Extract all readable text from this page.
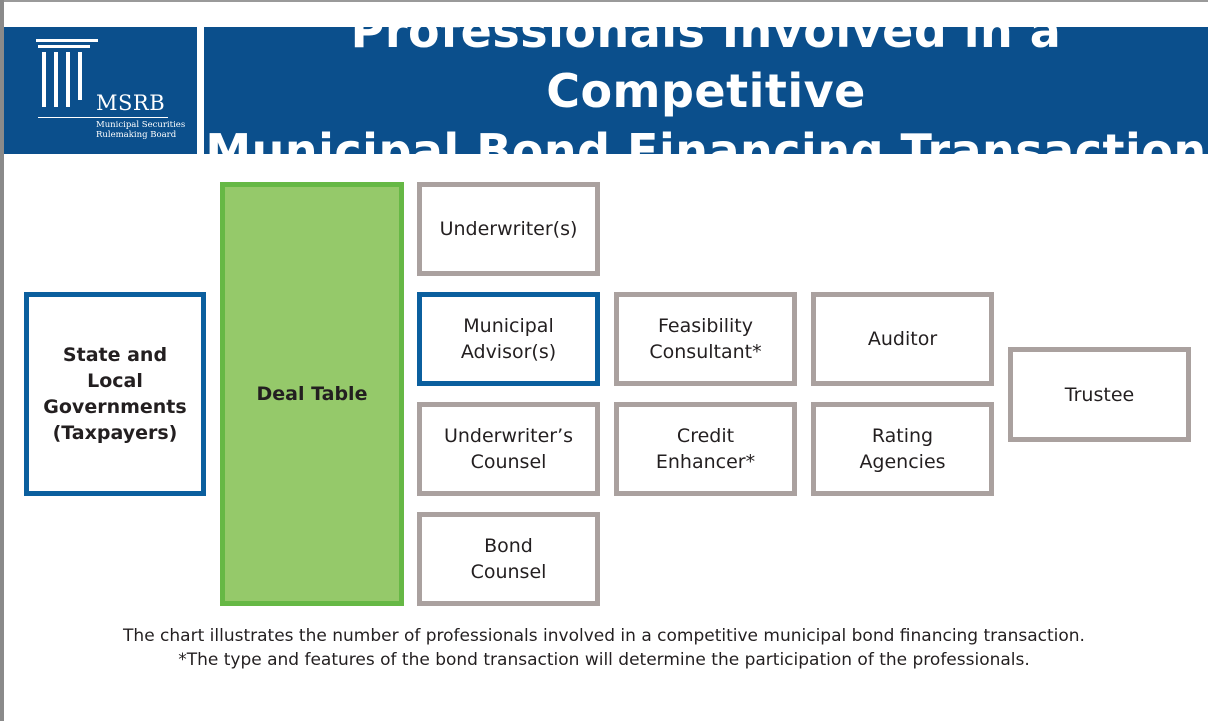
MSRB
Municipal Securities
Rulemaking Board
Professionals Involved in a Competitive
Municipal Bond Financing Transaction
State and
Local
Governments
(Taxpayers)
Deal Table
Underwriter(s)
Municipal
Advisor(s)
Underwriter’s
Counsel
Bond
Counsel
Feasibility
Consultant*
Credit
Enhancer*
Auditor
Rating
Agencies
Trustee
The chart illustrates the number of professionals involved in a competitive municipal bond financing transaction.
*The type and features of the bond transaction will determine the participation of the professionals.
